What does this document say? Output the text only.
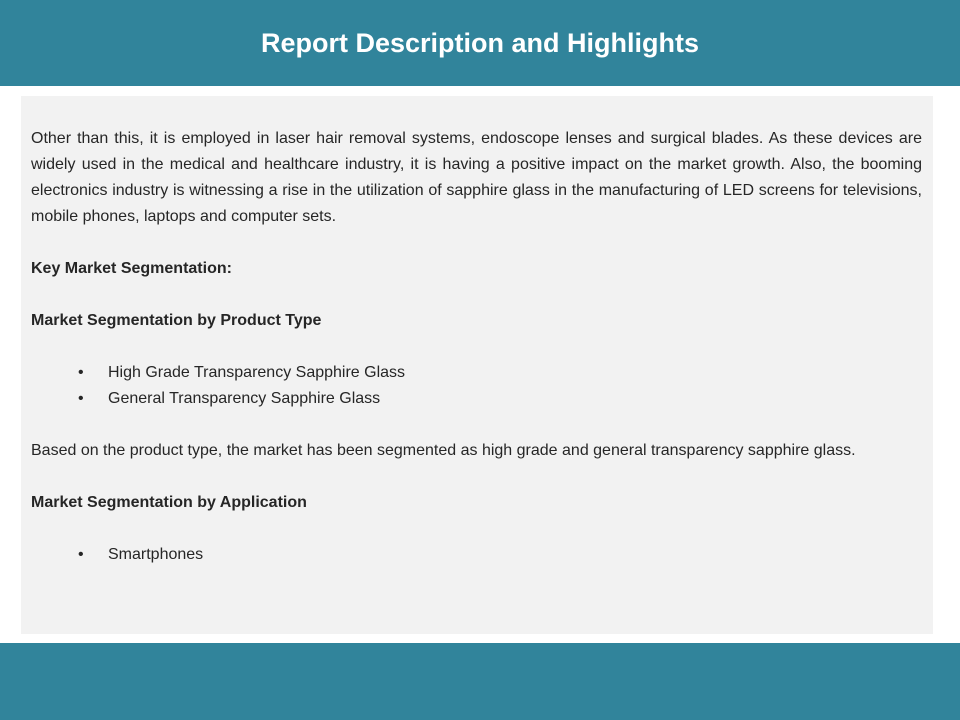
Report Description and Highlights

Other than this, it is employed in laser hair removal systems, endoscope lenses and surgical blades. As these devices are widely used in the medical and healthcare industry, it is having a positive impact on the market growth. Also, the booming electronics industry is witnessing a rise in the utilization of sapphire glass in the manufacturing of LED screens for televisions, mobile phones, laptops and computer sets.

Key Market Segmentation:

Market Segmentation by Product Type

• High Grade Transparency Sapphire Glass
• General Transparency Sapphire Glass

Based on the product type, the market has been segmented as high grade and general transparency sapphire glass.

Market Segmentation by Application

• Smartphones
